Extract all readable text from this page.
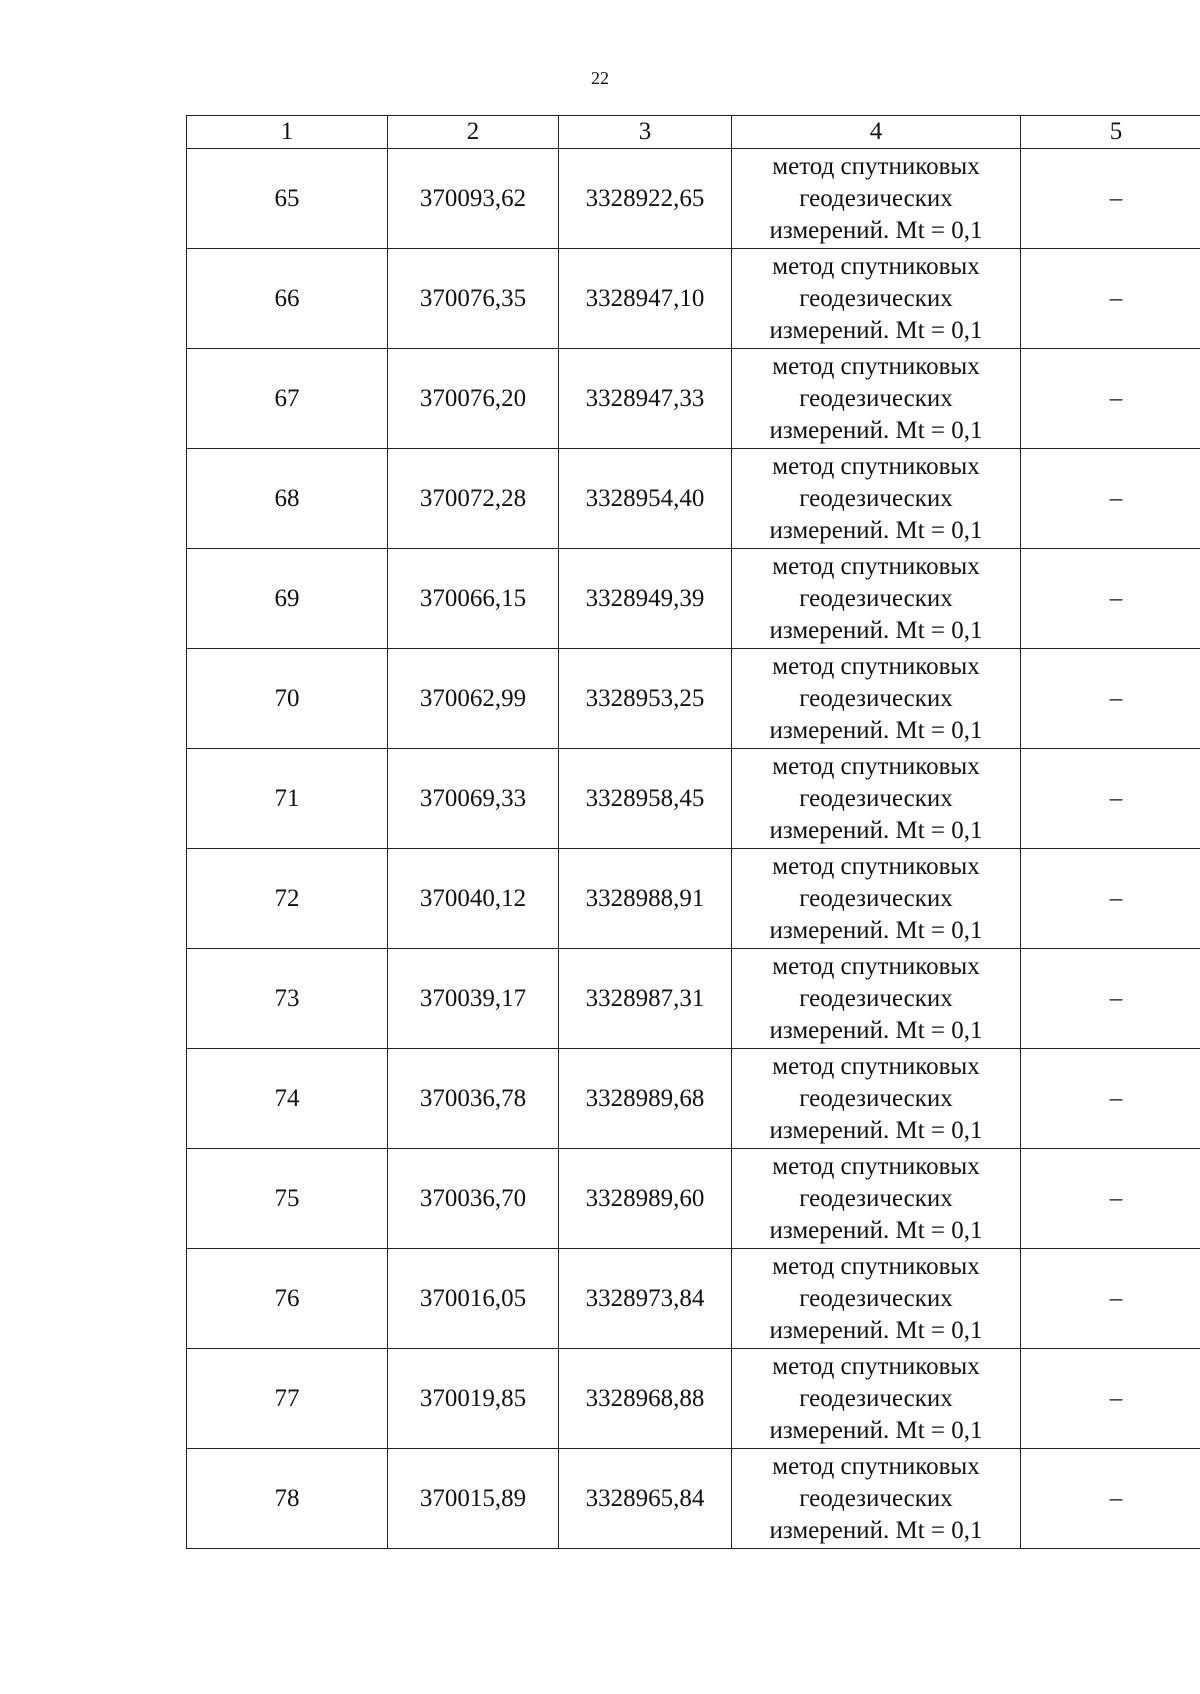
22
1	2	3	4	5
65	370093,62	3328922,65	метод спутниковых
геодезических
измерений. Mt = 0,1	–
66	370076,35	3328947,10	метод спутниковых
геодезических
измерений. Mt = 0,1	–
67	370076,20	3328947,33	метод спутниковых
геодезических
измерений. Mt = 0,1	–
68	370072,28	3328954,40	метод спутниковых
геодезических
измерений. Mt = 0,1	–
69	370066,15	3328949,39	метод спутниковых
геодезических
измерений. Mt = 0,1	–
70	370062,99	3328953,25	метод спутниковых
геодезических
измерений. Mt = 0,1	–
71	370069,33	3328958,45	метод спутниковых
геодезических
измерений. Mt = 0,1	–
72	370040,12	3328988,91	метод спутниковых
геодезических
измерений. Mt = 0,1	–
73	370039,17	3328987,31	метод спутниковых
геодезических
измерений. Mt = 0,1	–
74	370036,78	3328989,68	метод спутниковых
геодезических
измерений. Mt = 0,1	–
75	370036,70	3328989,60	метод спутниковых
геодезических
измерений. Mt = 0,1	–
76	370016,05	3328973,84	метод спутниковых
геодезических
измерений. Mt = 0,1	–
77	370019,85	3328968,88	метод спутниковых
геодезических
измерений. Mt = 0,1	–
78	370015,89	3328965,84	метод спутниковых
геодезических
измерений. Mt = 0,1	–
